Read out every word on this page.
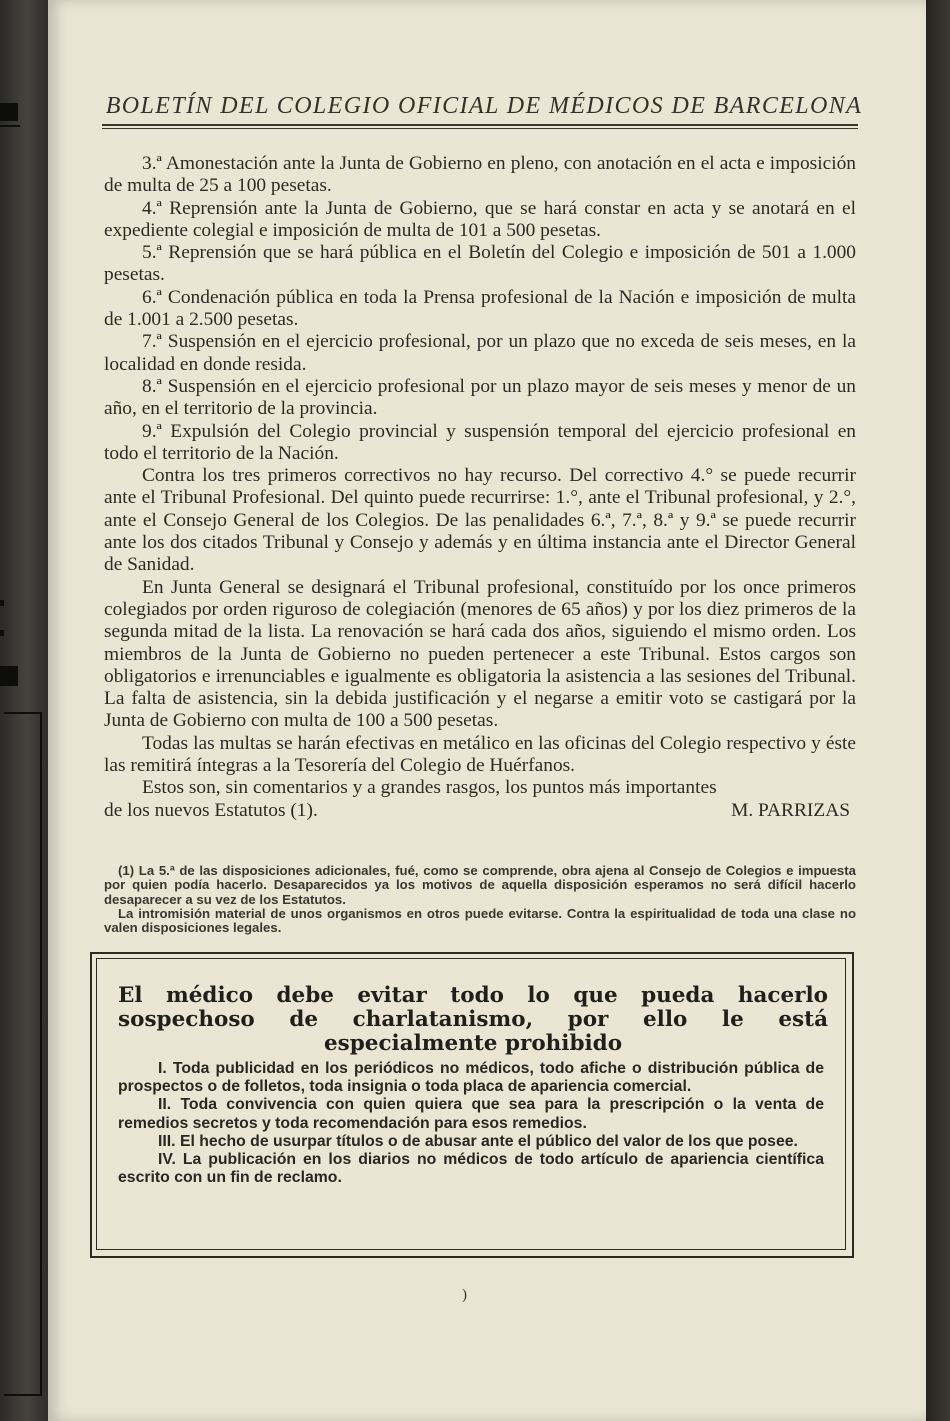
BOLETÍN DEL COLEGIO OFICIAL DE MÉDICOS DE BARCELONA

3.ª Amonestación ante la Junta de Gobierno en pleno, con anotación en el acta e imposición de multa de 25 a 100 pesetas.

4.ª Reprensión ante la Junta de Gobierno, que se hará constar en acta y se anotará en el expediente colegial e imposición de multa de 101 a 500 pesetas.

5.ª Reprensión que se hará pública en el Boletín del Colegio e imposición de 501 a 1.000 pesetas.

6.ª Condenación pública en toda la Prensa profesional de la Nación e imposición de multa de 1.001 a 2.500 pesetas.

7.ª Suspensión en el ejercicio profesional, por un plazo que no exceda de seis meses, en la localidad en donde resida.

8.ª Suspensión en el ejercicio profesional por un plazo mayor de seis meses y menor de un año, en el territorio de la provincia.

9.ª Expulsión del Colegio provincial y suspensión temporal del ejercicio profesional en todo el territorio de la Nación.

Contra los tres primeros correctivos no hay recurso. Del correctivo 4.° se puede recurrir ante el Tribunal Profesional. Del quinto puede recurrirse: 1.°, ante el Tribunal profesional, y 2.°, ante el Consejo General de los Colegios. De las penalidades 6.ª, 7.ª, 8.ª y 9.ª se puede recurrir ante los dos citados Tribunal y Consejo y además y en última instancia ante el Director General de Sanidad.

En Junta General se designará el Tribunal profesional, constituído por los once primeros colegiados por orden riguroso de colegiación (menores de 65 años) y por los diez primeros de la segunda mitad de la lista. La renovación se hará cada dos años, siguiendo el mismo orden. Los miembros de la Junta de Gobierno no pueden pertenecer a este Tribunal. Estos cargos son obligatorios e irrenunciables e igualmente es obligatoria la asistencia a las sesiones del Tribunal. La falta de asistencia, sin la debida justificación y el negarse a emitir voto se castigará por la Junta de Gobierno con multa de 100 a 500 pesetas.

Todas las multas se harán efectivas en metálico en las oficinas del Colegio respectivo y éste las remitirá íntegras a la Tesorería del Colegio de Huérfanos.

Estos son, sin comentarios y a grandes rasgos, los puntos más importantes

de los nuevos Estatutos (1).	M. PARRIZAS

(1) La 5.ª de las disposiciones adicionales, fué, como se comprende, obra ajena al Consejo de Colegios e impuesta por quien podía hacerlo. Desaparecidos ya los motivos de aquella disposición esperamos no será difícil hacerlo desaparecer a su vez de los Estatutos.

La intromisión material de unos organismos en otros puede evitarse. Contra la espiritualidad de toda una clase no valen disposiciones legales.

El médico debe evitar todo lo que pueda hacerlo sospechoso de charlatanismo, por ello le está especialmente prohibido

I. Toda publicidad en los periódicos no médicos, todo afiche o distribución pública de prospectos o de folletos, toda insignia o toda placa de apariencia comercial.

II. Toda convivencia con quien quiera que sea para la prescripción o la venta de remedios secretos y toda recomendación para esos remedios.

III. El hecho de usurpar títulos o de abusar ante el público del valor de los que posee.

IV. La publicación en los diarios no médicos de todo artículo de apariencia científica escrito con un fin de reclamo.

)
